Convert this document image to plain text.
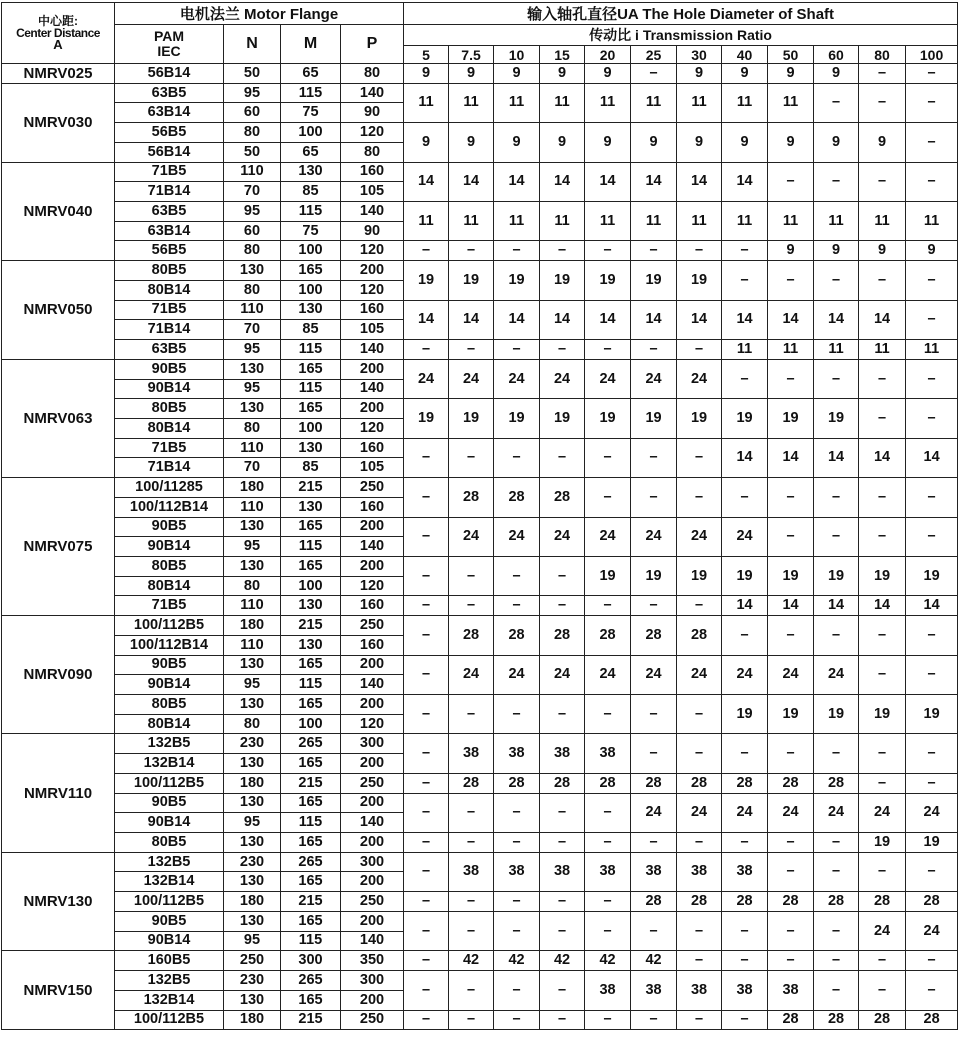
中心距:
Center Distance
A	电机法兰 Motor Flange				输入轴孔直径UA The Hole Diameter of Shaft											

	PAM
IEC	N	M	P	传动比 i Transmission Ratio											
					5	7.5	10	15	20	25	30	40	50	60	80	100
NMRV025	56B14	50	65	80	9	9	9	9	9	–	9	9	9	9	–	–
NMRV030	63B5	95	115	140	11	11	11	11	11	11	11	11	11	–	–	–
	63B14	60	75	90												
	56B5	80	100	120	9	9	9	9	9	9	9	9	9	9	9	–
	56B14	50	65	80												
NMRV040	71B5	110	130	160	14	14	14	14	14	14	14	14	–	–	–	–
	71B14	70	85	105												
	63B5	95	115	140	11	11	11	11	11	11	11	11	11	11	11	11
	63B14	60	75	90												
	56B5	80	100	120	–	–	–	–	–	–	–	–	9	9	9	9
NMRV050	80B5	130	165	200	19	19	19	19	19	19	19	–	–	–	–	–
	80B14	80	100	120												
	71B5	110	130	160	14	14	14	14	14	14	14	14	14	14	14	–
	71B14	70	85	105												
	63B5	95	115	140	–	–	–	–	–	–	–	11	11	11	11	11
NMRV063	90B5	130	165	200	24	24	24	24	24	24	24	–	–	–	–	–
	90B14	95	115	140												
	80B5	130	165	200	19	19	19	19	19	19	19	19	19	19	–	–
	80B14	80	100	120												
	71B5	110	130	160	–	–	–	–	–	–	–	14	14	14	14	14
	71B14	70	85	105												
NMRV075	100/11285	180	215	250	–	28	28	28	–	–	–	–	–	–	–	–
	100/112B14	110	130	160												
	90B5	130	165	200	–	24	24	24	24	24	24	24	–	–	–	–
	90B14	95	115	140												
	80B5	130	165	200	–	–	–	–	19	19	19	19	19	19	19	19
	80B14	80	100	120												
	71B5	110	130	160	–	–	–	–	–	–	–	14	14	14	14	14
NMRV090	100/112B5	180	215	250	–	28	28	28	28	28	28	–	–	–	–	–
	100/112B14	110	130	160												
	90B5	130	165	200	–	24	24	24	24	24	24	24	24	24	–	–
	90B14	95	115	140												
	80B5	130	165	200	–	–	–	–	–	–	–	19	19	19	19	19
	80B14	80	100	120												
NMRV110	132B5	230	265	300	–	38	38	38	38	–	–	–	–	–	–	–
	132B14	130	165	200												
	100/112B5	180	215	250	–	28	28	28	28	28	28	28	28	28	–	–
	90B5	130	165	200	–	–	–	–	–	24	24	24	24	24	24	24
	90B14	95	115	140												
	80B5	130	165	200	–	–	–	–	–	–	–	–	–	–	19	19
NMRV130	132B5	230	265	300	–	38	38	38	38	38	38	38	–	–	–	–
	132B14	130	165	200												
	100/112B5	180	215	250	–	–	–	–	–	28	28	28	28	28	28	28
	90B5	130	165	200	–	–	–	–	–	–	–	–	–	–	24	24
	90B14	95	115	140												
NMRV150	160B5	250	300	350	–	42	42	42	42	42	–	–	–	–	–	–
	132B5	230	265	300	–	–	–	–	38	38	38	38	38	–	–	–
	132B14	130	165	200												
	100/112B5	180	215	250	–	–	–	–	–	–	–	–	28	28	28	28
